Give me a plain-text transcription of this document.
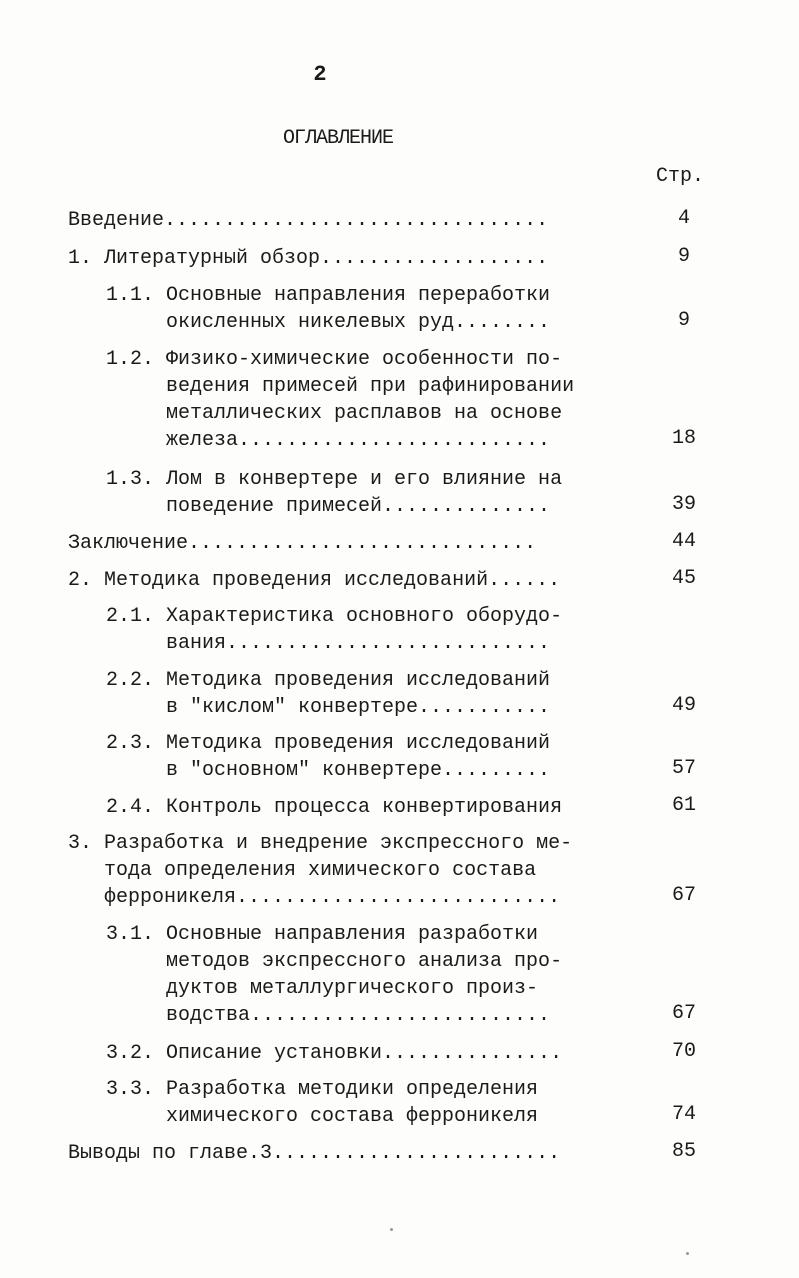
2
ОГЛАВЛЕНИЕ
Стр.
Введение................................	4
1. Литературный обзор...................	9
1.1. Основные направления переработки
окисленных никелевых руд........	9
1.2. Физико-химические особенности по-
ведения примесей при рафинировании
металлических расплавов на основе
железа..........................	18
1.3. Лом в конвертере и его влияние на
поведение примесей..............	39
Заключение.............................	44
2. Методика проведения исследований......	45
2.1. Характеристика основного оборудо-
вания...........................
2.2. Методика проведения исследований
в "кислом" конвертере...........	49
2.3. Методика проведения исследований
в "основном" конвертере.........	57
2.4. Контроль процесса конвертирования	61
3. Разработка и внедрение экспрессного ме-
тода определения химического состава
ферроникеля...........................	67
3.1. Основные направления разработки
методов экспрессного анализа про-
дуктов металлургического произ-
водства.........................	67
3.2. Описание установки...............	70
3.3. Разработка методики определения
химического состава ферроникеля	74
Выводы по главе.3........................	85
